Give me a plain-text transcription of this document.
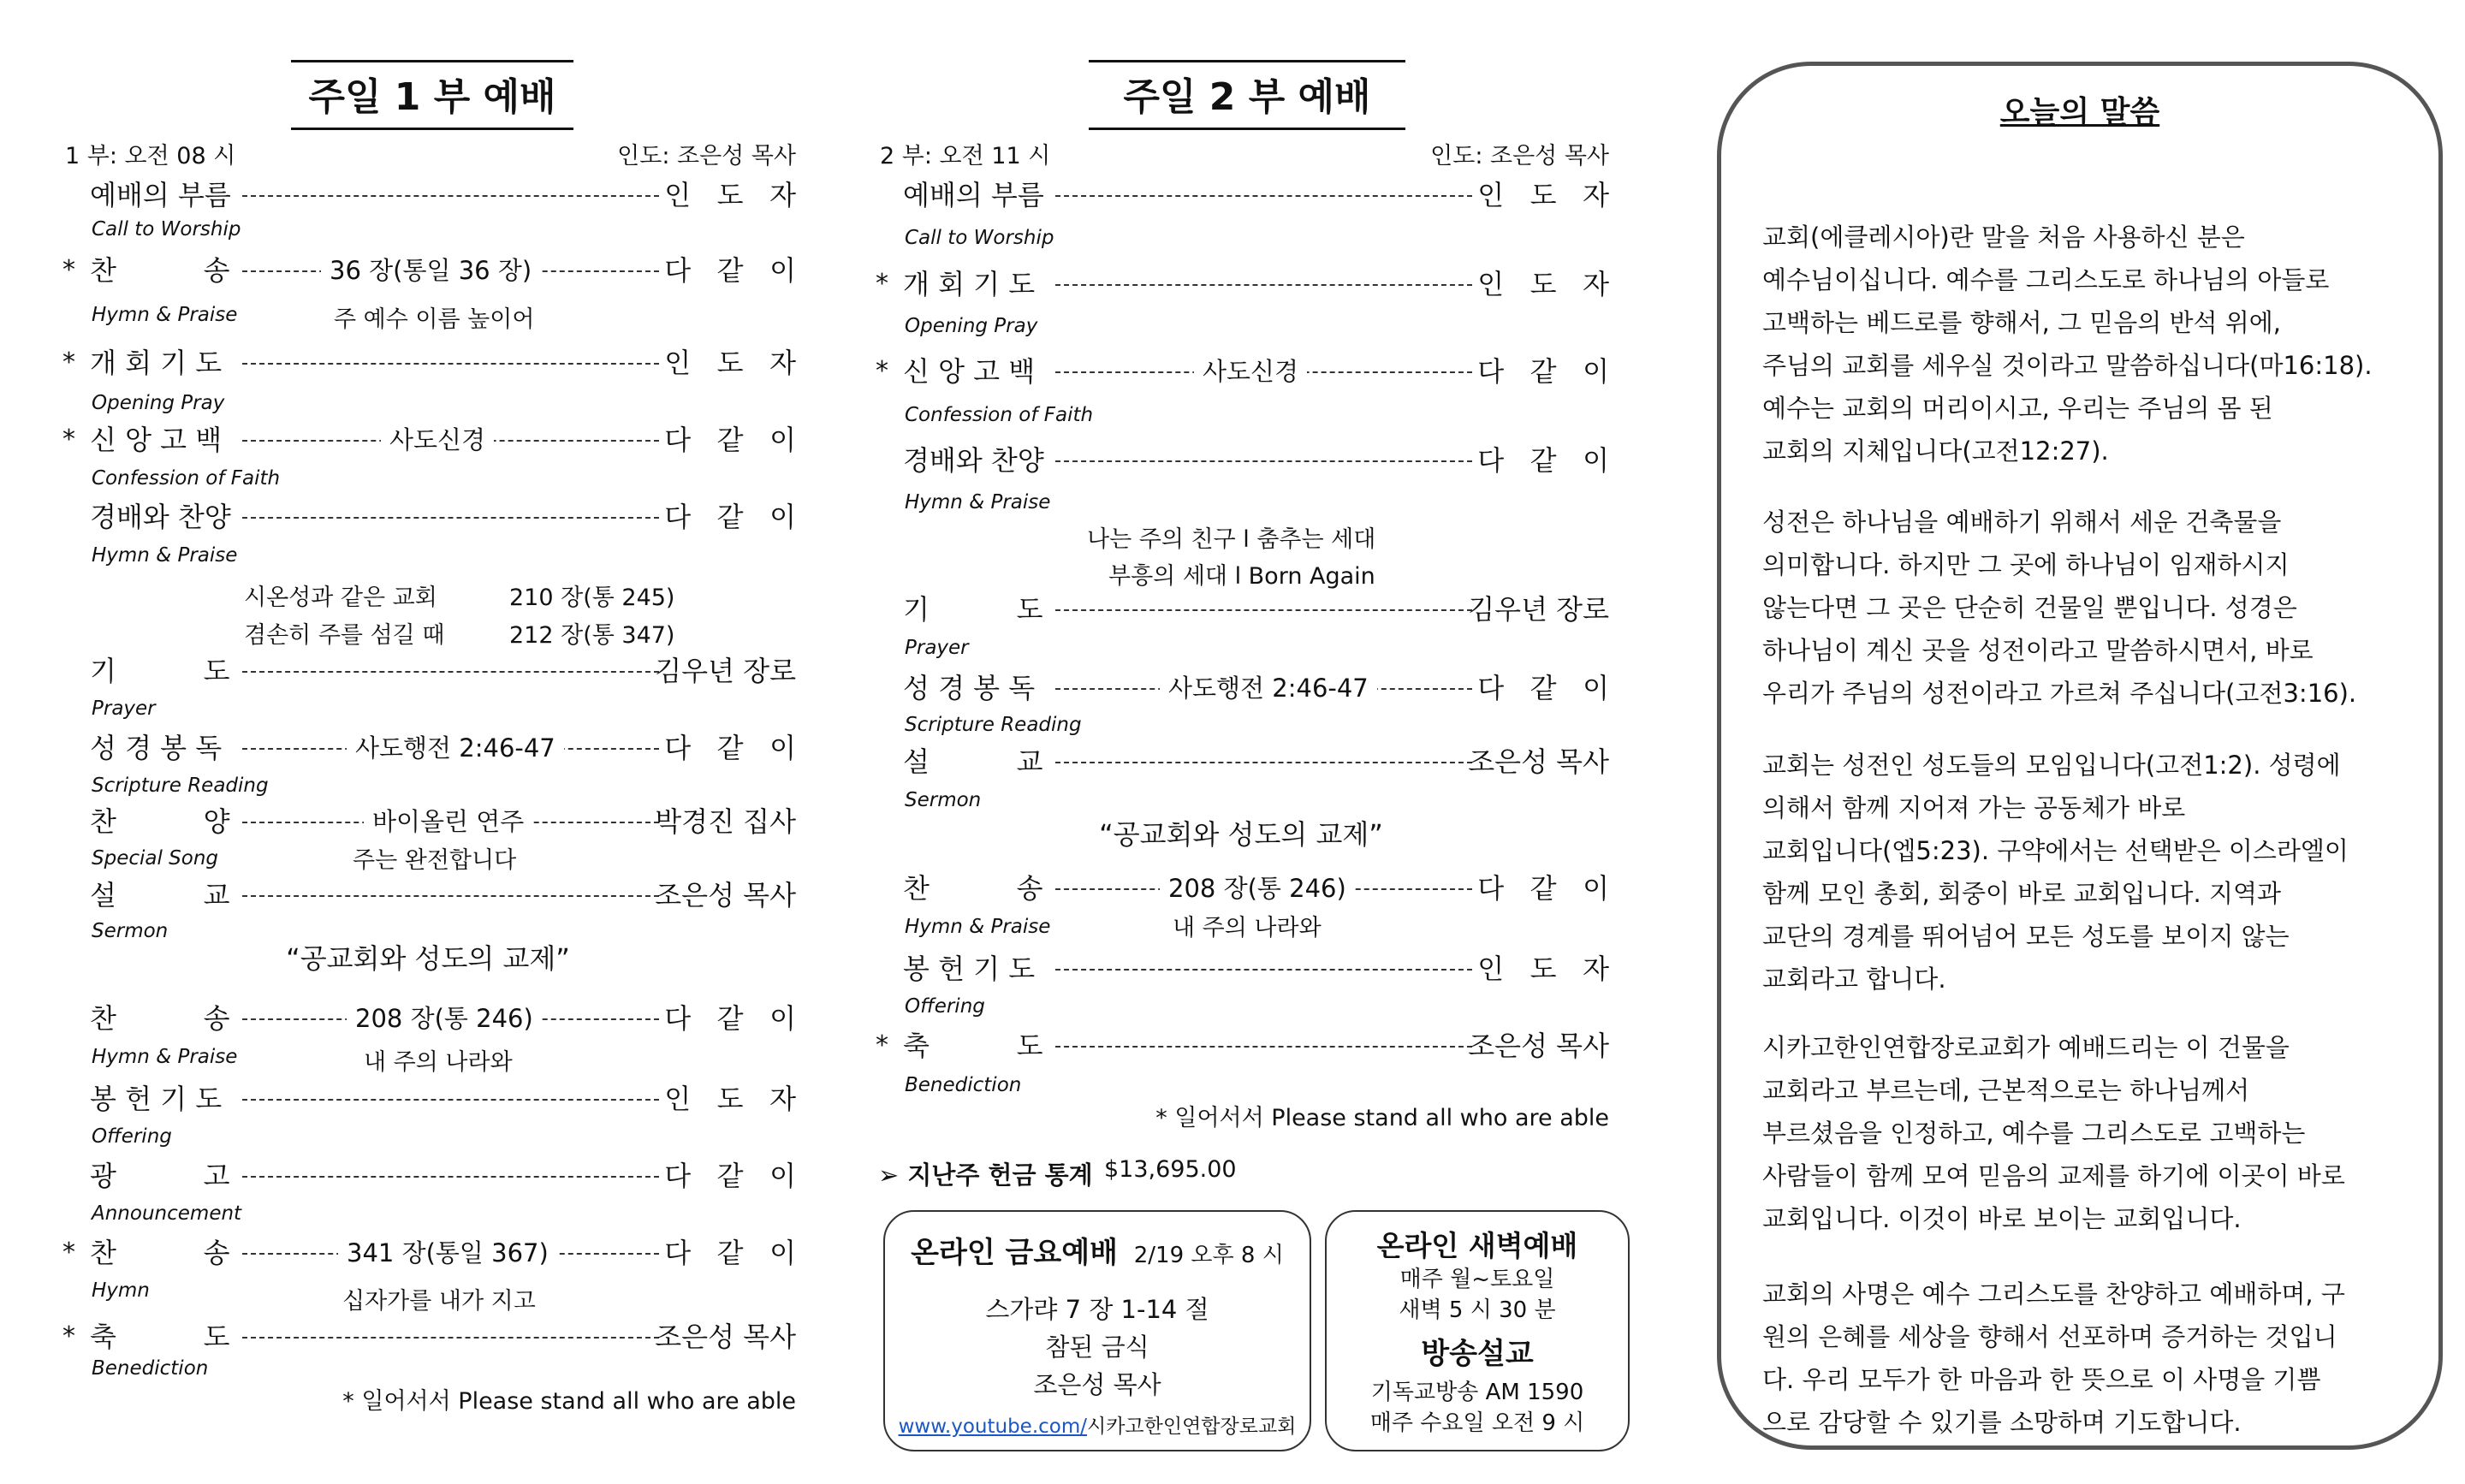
주일 1 부 예배
1 부: 오전 08 시	인도: 조은성 목사
예배의 부름	인   도   자
Call to Worship
* 찬          송	36 장(통일 36 장)	다   같   이
Hymn & Praise
* 개 회 기 도	인   도   자
Opening Pray
* 신 앙 고 백	사도신경	다   같   이
Confession of Faith
경배와 찬양	다   같   이
Hymn & Praise
기          도	김우년 장로
Prayer
성 경 봉 독	사도행전 2:46-47	다   같   이
Scripture Reading
찬          양	바이올린 연주	박경진 집사
Special Song
설          교	조은성 목사
Sermon
찬          송	208 장(통 246)	다   같   이
Hymn & Praise
봉 헌 기 도	인   도   자
Offering
광          고	다   같   이
Announcement
* 찬          송	341 장(통일 367)	다   같   이
Hymn
* 축          도	조은성 목사
Benediction
주 예수 이름 높이어
시온성과 같은 교회	210 장(통 245)
겸손히 주를 섬길 때	212 장(통 347)
주는 완전합니다
“공교회와 성도의 교제”
내 주의 나라와
십자가를 내가 지고
* 일어서서 Please stand all who are able
주일 2 부 예배
2 부: 오전 11 시	인도: 조은성 목사
예배의 부름	인   도   자
Call to Worship
* 개 회 기 도	인   도   자
Opening Pray
* 신 앙 고 백	사도신경	다   같   이
Confession of Faith
경배와 찬양	다   같   이
Hymn & Praise
기          도	김우년 장로
Prayer
성 경 봉 독	사도행전 2:46-47	다   같   이
Scripture Reading
설          교	조은성 목사
Sermon
찬          송	208 장(통 246)	다   같   이
Hymn & Praise
봉 헌 기 도	인   도   자
Offering
* 축          도	조은성 목사
Benediction
나는 주의 친구 l 춤추는 세대
부흥의 세대 l Born Again
“공교회와 성도의 교제”
내 주의 나라와
* 일어서서 Please stand all who are able
➢ 지난주 헌금 통계 $13,695.00
온라인 금요예배 2/19 오후 8 시
스가랴 7 장 1-14 절
참된 금식
조은성 목사
www.youtube.com/시카고한인연합장로교회
온라인 새벽예배
매주 월~토요일
새벽 5 시 30 분
방송설교
기독교방송 AM 1590
매주 수요일 오전 9 시
오늘의 말씀
교회(에클레시아)란 말을 처음 사용하신 분은
예수님이십니다. 예수를 그리스도로 하나님의 아들로
고백하는 베드로를 향해서, 그 믿음의 반석 위에,
주님의 교회를 세우실 것이라고 말씀하십니다(마16:18).
예수는 교회의 머리이시고, 우리는 주님의 몸 된
교회의 지체입니다(고전12:27).
성전은 하나님을 예배하기 위해서 세운 건축물을
의미합니다. 하지만 그 곳에 하나님이 임재하시지
않는다면 그 곳은 단순히 건물일 뿐입니다. 성경은
하나님이 계신 곳을 성전이라고 말씀하시면서, 바로
우리가 주님의 성전이라고 가르쳐 주십니다(고전3:16).
교회는 성전인 성도들의 모임입니다(고전1:2). 성령에
의해서 함께 지어져 가는 공동체가 바로
교회입니다(엡5:23). 구약에서는 선택받은 이스라엘이
함께 모인 총회, 회중이 바로 교회입니다. 지역과
교단의 경계를 뛰어넘어 모든 성도를 보이지 않는
교회라고 합니다.
시카고한인연합장로교회가 예배드리는 이 건물을
교회라고 부르는데, 근본적으로는 하나님께서
부르셨음을 인정하고, 예수를 그리스도로 고백하는
사람들이 함께 모여 믿음의 교제를 하기에 이곳이 바로
교회입니다. 이것이 바로 보이는 교회입니다.
교회의 사명은 예수 그리스도를 찬양하고 예배하며, 구
원의 은혜를 세상을 향해서 선포하며 증거하는 것입니
다. 우리 모두가 한 마음과 한 뜻으로 이 사명을 기쁨
으로 감당할 수 있기를 소망하며 기도합니다.
